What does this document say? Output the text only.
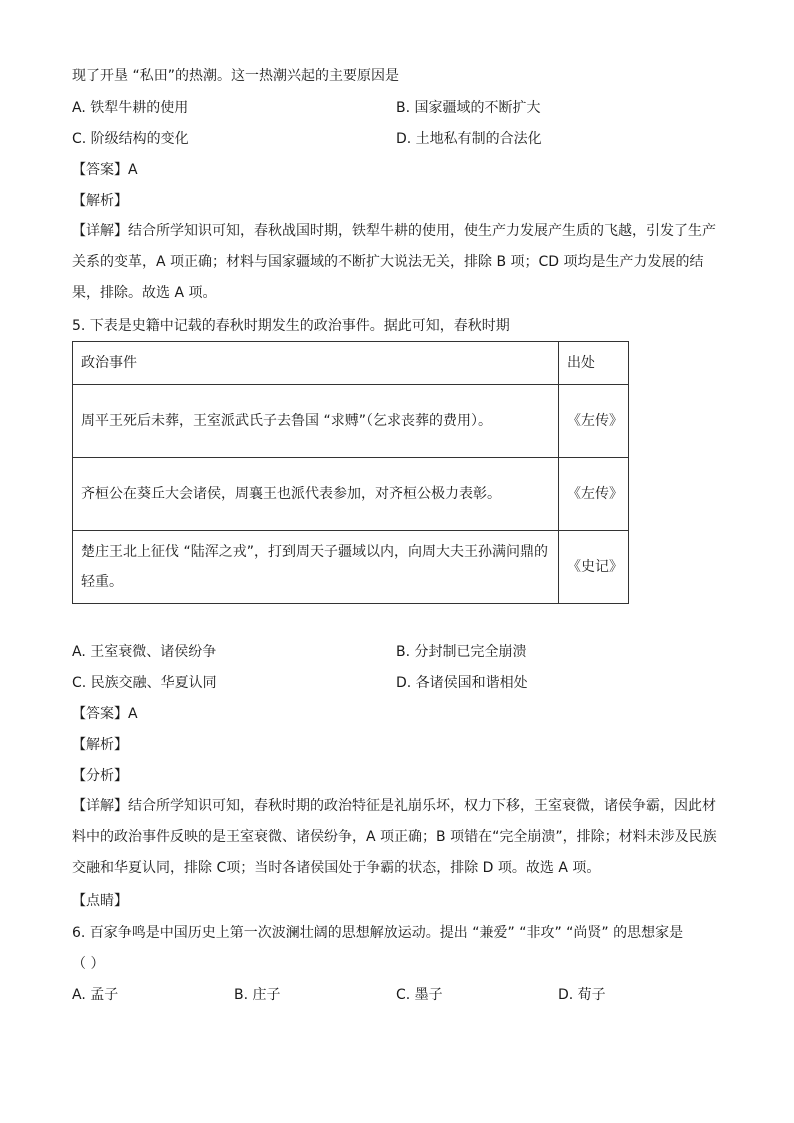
现了开垦 “私田”的热潮。这一热潮兴起的主要原因是
A. 铁犁牛耕的使用	B. 国家疆域的不断扩大
C. 阶级结构的变化	D. 土地私有制的合法化
【答案】A
【解析】
【详解】结合所学知识可知，春秋战国时期，铁犁牛耕的使用，使生产力发展产生质的飞越，引发了生产关系的变革，A 项正确；材料与国家疆域的不断扩大说法无关，排除 B 项；CD 项均是生产力发展的结果，排除。故选 A 项。
5. 下表是史籍中记载的春秋时期发生的政治事件。据此可知，春秋时期
政治事件	出处
周平王死后未葬，王室派武氏子去鲁国 “求赙”（乞求丧葬的费用）。	《左传》
齐桓公在葵丘大会诸侯，周襄王也派代表参加，对齐桓公极力表彰。	《左传》
楚庄王北上征伐 “陆浑之戎”，打到周天子疆域以内，向周大夫王孙满问鼎的轻重。	《史记》
A. 王室衰微、诸侯纷争	B. 分封制已完全崩溃
C. 民族交融、华夏认同	D. 各诸侯国和谐相处
【答案】A
【解析】
【分析】
【详解】结合所学知识可知，春秋时期的政治特征是礼崩乐坏，权力下移，王室衰微，诸侯争霸，因此材料中的政治事件反映的是王室衰微、诸侯纷争，A 项正确；B 项错在“完全崩溃”，排除；材料未涉及民族交融和华夏认同，排除 C项；当时各诸侯国处于争霸的状态，排除 D 项。故选 A 项。
【点睛】
6. 百家争鸣是中国历史上第一次波澜壮阔的思想解放运动。提出 “兼爱” “非攻” “尚贤” 的思想家是
（ ）
A. 孟子	B. 庄子	C. 墨子	D. 荀子
